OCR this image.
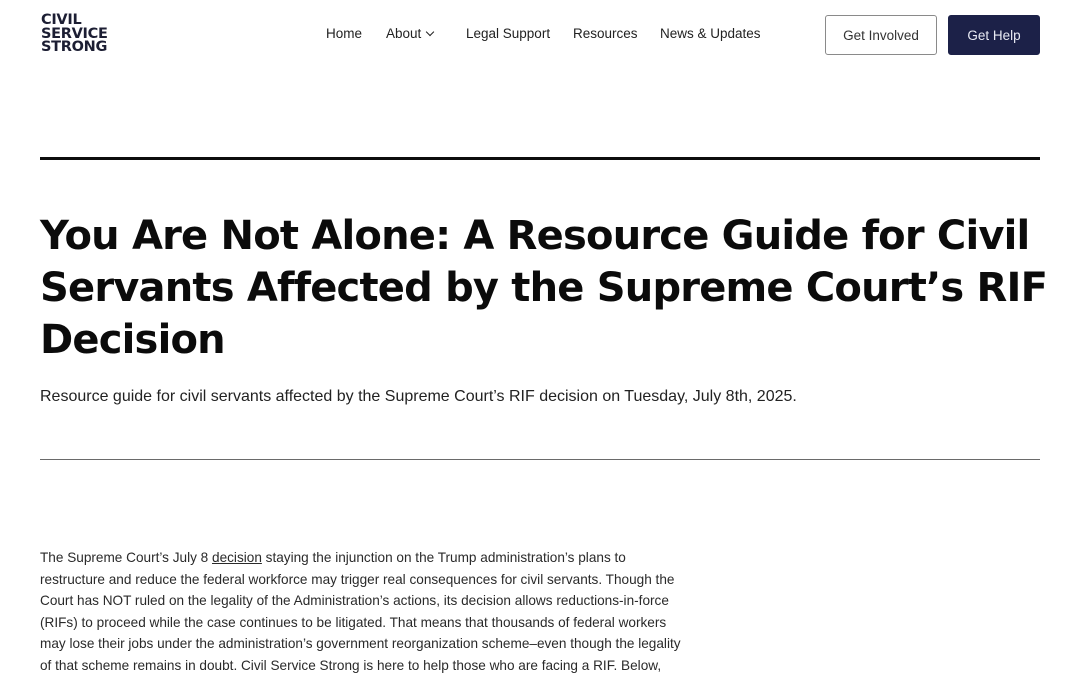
CIVIL
SERVICE
STRONG
Home About	Legal Support Resources News & Updates	Get Involved	Get Help
You Are Not Alone: A Resource Guide for Civil Servants Affected by the Supreme Court’s RIF Decision

Resource guide for civil servants affected by the Supreme Court’s RIF decision on Tuesday, July 8th, 2025.

The Supreme Court’s July 8 decision staying the injunction on the Trump administration’s plans to
restructure and reduce the federal workforce may trigger real consequences for civil servants. Though the
Court has NOT ruled on the legality of the Administration’s actions, its decision allows reductions-in-force
(RIFs) to proceed while the case continues to be litigated. That means that thousands of federal workers
may lose their jobs under the administration’s government reorganization scheme–even though the legality
of that scheme remains in doubt. Civil Service Strong is here to help those who are facing a RIF. Below,
